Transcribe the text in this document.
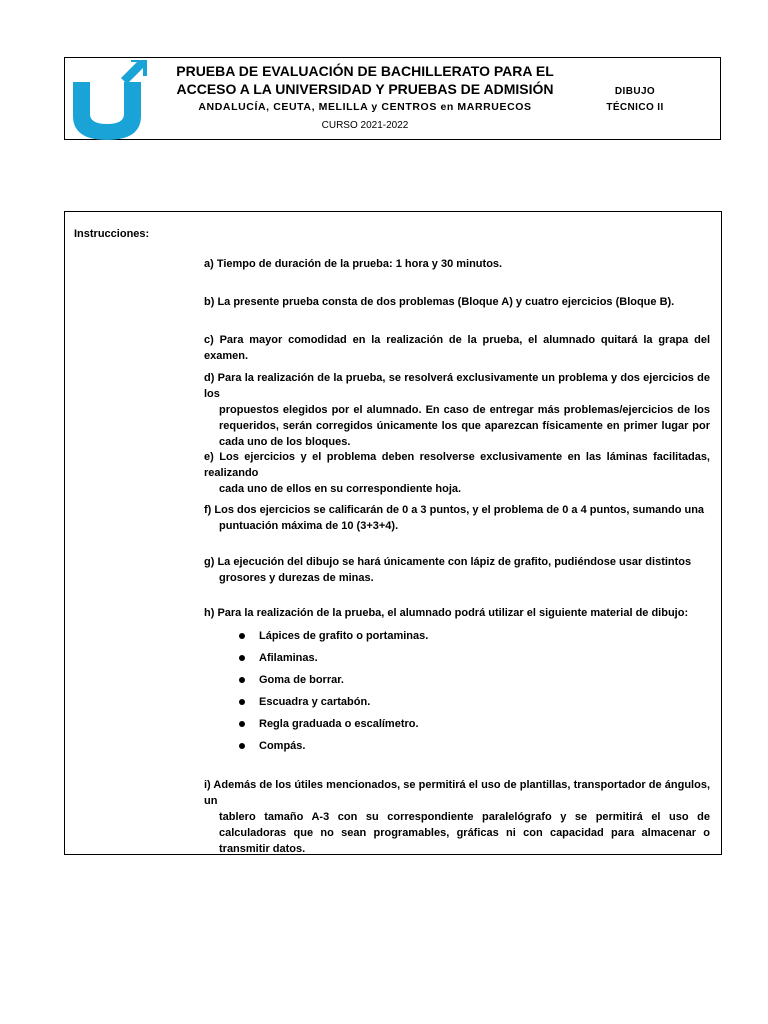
PRUEBA DE EVALUACIÓN DE BACHILLERATO PARA EL
ACCESO A LA UNIVERSIDAD Y PRUEBAS DE ADMISIÓN
ANDALUCÍA, CEUTA, MELILLA y CENTROS en MARRUECOS
CURSO 2021-2022
DIBUJO
TÉCNICO II
Instrucciones:
a) Tiempo de duración de la prueba: 1 hora y 30 minutos.
b) La presente prueba consta de dos problemas (Bloque A) y cuatro ejercicios (Bloque B).
c) Para mayor comodidad en la realización de la prueba, el alumnado quitará la grapa del examen.
d) Para la realización de la prueba, se resolverá exclusivamente un problema y dos ejercicios de los
propuestos elegidos por el alumnado. En caso de entregar más problemas/ejercicios de los requeridos, serán corregidos únicamente los que aparezcan físicamente en primer lugar por cada uno de los bloques.
e) Los ejercicios y el problema deben resolverse exclusivamente en las láminas facilitadas, realizando
cada uno de ellos en su correspondiente hoja.
f) Los dos ejercicios se calificarán de 0 a 3 puntos, y el problema de 0 a 4 puntos, sumando una
puntuación máxima de 10 (3+3+4).
g) La ejecución del dibujo se hará únicamente con lápiz de grafito, pudiéndose usar distintos
grosores y durezas de minas.
h) Para la realización de la prueba, el alumnado podrá utilizar el siguiente material de dibujo:
Lápices de grafito o portaminas.
Afilaminas.
Goma de borrar.
Escuadra y cartabón.
Regla graduada o escalímetro.
Compás.
i) Además de los útiles mencionados, se permitirá el uso de plantillas, transportador de ángulos, un
tablero tamaño A-3 con su correspondiente paralelógrafo y se permitirá el uso de calculadoras que no sean programables, gráficas ni con capacidad para almacenar o transmitir datos.
